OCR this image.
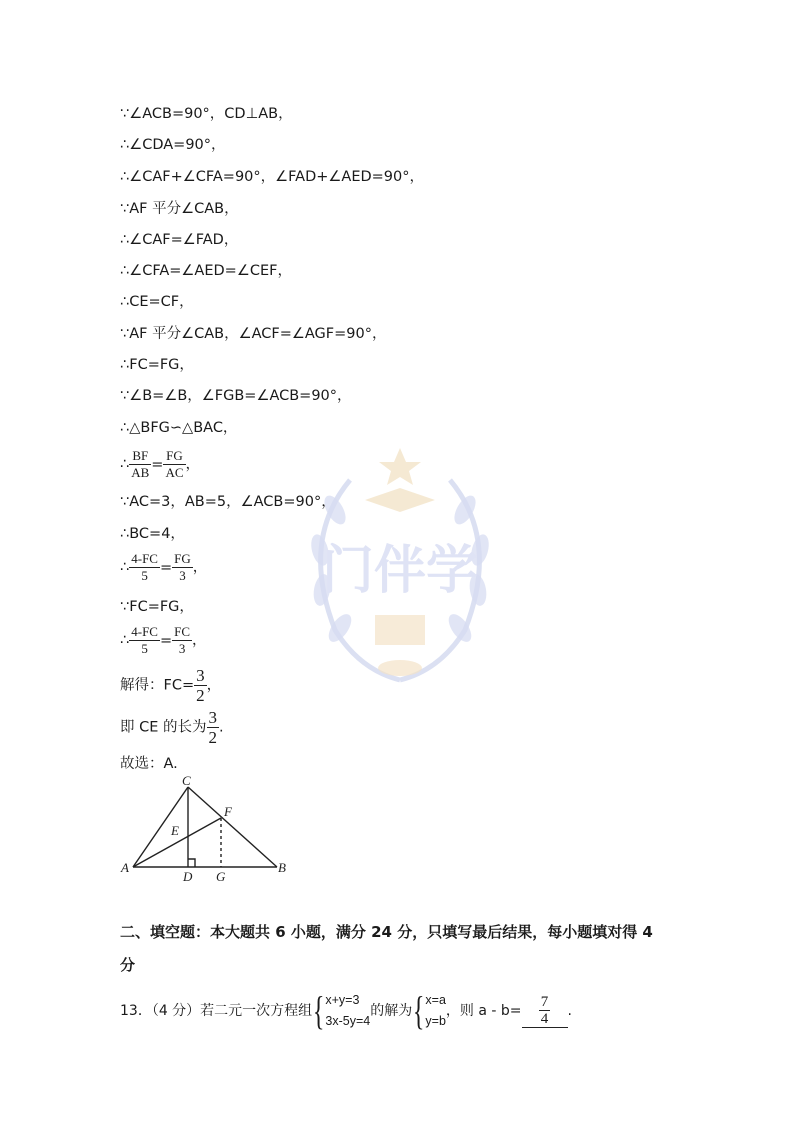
门伴学
∵∠ACB=90°，CD⊥AB，
∴∠CDA=90°，
∴∠CAF+∠CFA=90°，∠FAD+∠AED=90°，
∵AF 平分∠CAB，
∴∠CAF=∠FAD，
∴∠CFA=∠AED=∠CEF，
∴CE=CF，
∵AF 平分∠CAB，∠ACF=∠AGF=90°，
∴FC=FG，
∵∠B=∠B，∠FGB=∠ACB=90°，
∴△BFG∽△BAC，
∴ $\frac{BF}{AB} = \frac{FG}{AC}$ ，
∵AC=3，AB=5，∠ACB=90°，
∴BC=4，
∴ $\frac{4-FC}{5} = \frac{FG}{3}$ ，
∵FC=FG，
∴ $\frac{4-FC}{5} = \frac{FC}{3}$ ，
解得：$FC= \frac{3}{2}$ ，
即 CE 的长为 $\frac{3}{2}$ .
故选：A.
C
F
E
A
D G
B
二、填空题：本大题共 6 小题，满分 24 分，只填写最后结果，每小题填对得 4
分
13．（4 分）若二元一次方程组{ x+y=3
3x-5y=4
的解为{ x=a
y=b
，则 $a - b= \frac{7}{4}$ .
